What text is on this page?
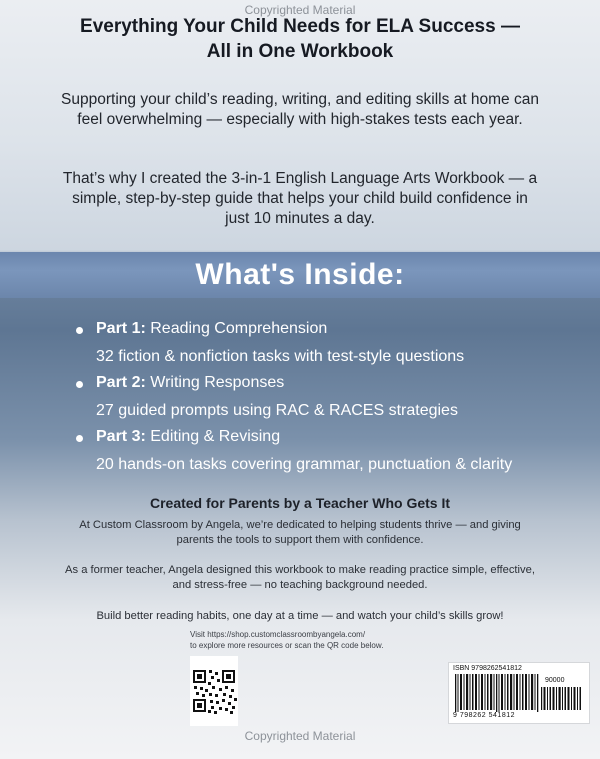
Copyrighted Material
Everything Your Child Needs for ELA Success —
All in One Workbook
Supporting your child’s reading, writing, and editing skills at home can feel overwhelming — especially with high-stakes tests each year.
That’s why I created the 3-in-1 English Language Arts Workbook — a simple, step-by-step guide that helps your child build confidence in just 10 minutes a day.
What's Inside:
Part 1: Reading Comprehension
32 fiction & nonfiction tasks with test-style questions
Part 2: Writing Responses
27 guided prompts using RAC & RACES strategies
Part 3: Editing & Revising
20 hands-on tasks covering grammar, punctuation & clarity
Created for Parents by a Teacher Who Gets It
At Custom Classroom by Angela, we’re dedicated to helping students thrive — and giving parents the tools to support them with confidence.
As a former teacher, Angela designed this workbook to make reading practice simple, effective, and stress-free — no teaching background needed.
Build better reading habits, one day at a time — and watch your child’s skills grow!
Visit https://shop.customclassroombyangela.com/
to explore more resources or scan the QR code below.
ISBN 9798262541812
90000
9 798262 541812
Copyrighted Material
